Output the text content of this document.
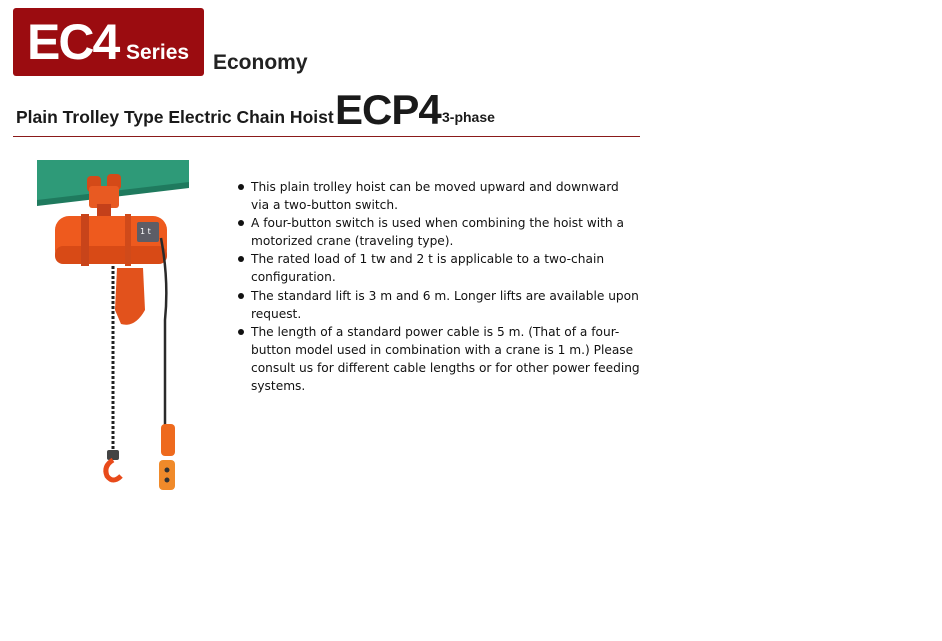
EC4 Series Economy
Plain Trolley Type Electric Chain Hoist ECP4 3-phase
1 t
This plain trolley hoist can be moved upward and downward via a two-button switch.
A four-button switch is used when combining the hoist with a motorized crane (traveling type).
The rated load of 1 tw and 2 t is applicable to a two-chain configuration.
The standard lift is 3 m and 6 m. Longer lifts are available upon request.
The length of a standard power cable is 5 m. (That of a four-button model used in combination with a crane is 1 m.) Please consult us for different cable lengths or for other power feeding systems.
